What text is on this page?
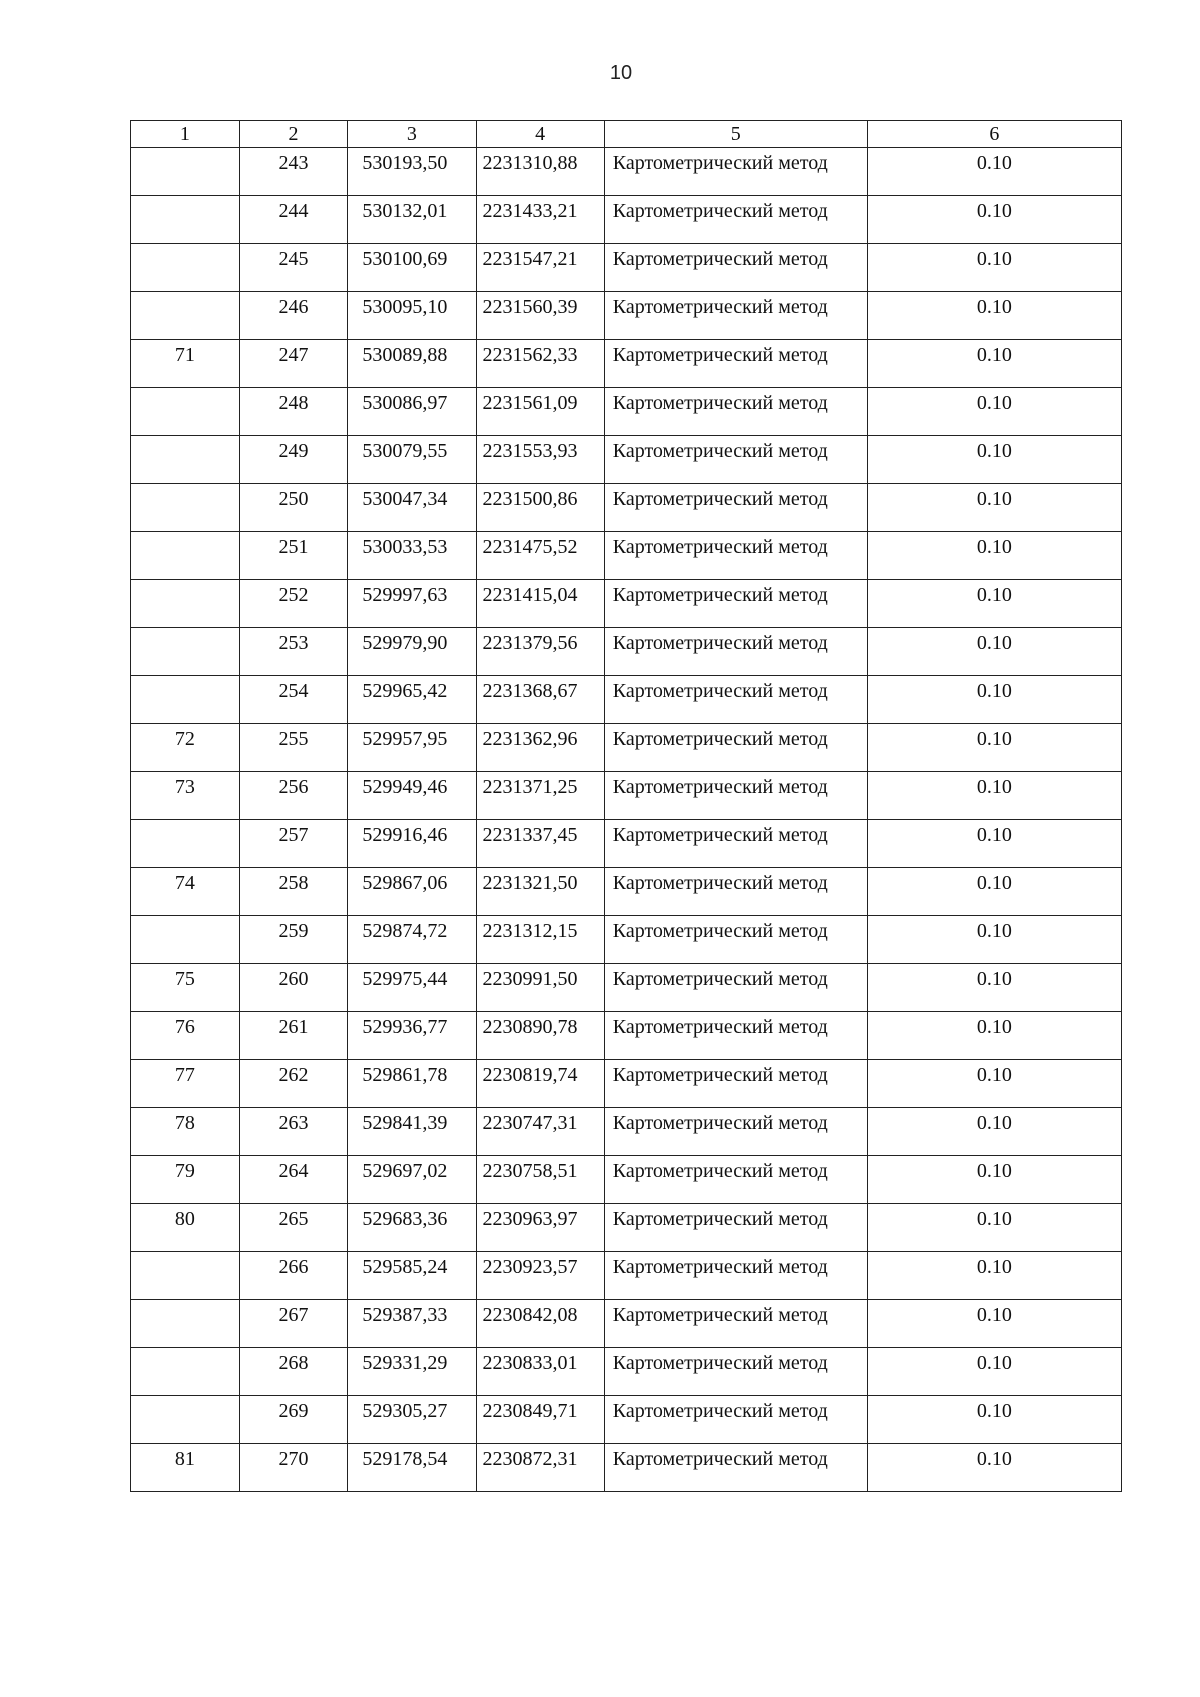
10
1	2	3	4	5	6
	243	530193,50	2231310,88	Картометрический метод	0.10
	244	530132,01	2231433,21	Картометрический метод	0.10
	245	530100,69	2231547,21	Картометрический метод	0.10
	246	530095,10	2231560,39	Картометрический метод	0.10
71	247	530089,88	2231562,33	Картометрический метод	0.10
	248	530086,97	2231561,09	Картометрический метод	0.10
	249	530079,55	2231553,93	Картометрический метод	0.10
	250	530047,34	2231500,86	Картометрический метод	0.10
	251	530033,53	2231475,52	Картометрический метод	0.10
	252	529997,63	2231415,04	Картометрический метод	0.10
	253	529979,90	2231379,56	Картометрический метод	0.10
	254	529965,42	2231368,67	Картометрический метод	0.10
72	255	529957,95	2231362,96	Картометрический метод	0.10
73	256	529949,46	2231371,25	Картометрический метод	0.10
	257	529916,46	2231337,45	Картометрический метод	0.10
74	258	529867,06	2231321,50	Картометрический метод	0.10
	259	529874,72	2231312,15	Картометрический метод	0.10
75	260	529975,44	2230991,50	Картометрический метод	0.10
76	261	529936,77	2230890,78	Картометрический метод	0.10
77	262	529861,78	2230819,74	Картометрический метод	0.10
78	263	529841,39	2230747,31	Картометрический метод	0.10
79	264	529697,02	2230758,51	Картометрический метод	0.10
80	265	529683,36	2230963,97	Картометрический метод	0.10
	266	529585,24	2230923,57	Картометрический метод	0.10
	267	529387,33	2230842,08	Картометрический метод	0.10
	268	529331,29	2230833,01	Картометрический метод	0.10
	269	529305,27	2230849,71	Картометрический метод	0.10
81	270	529178,54	2230872,31	Картометрический метод	0.10
